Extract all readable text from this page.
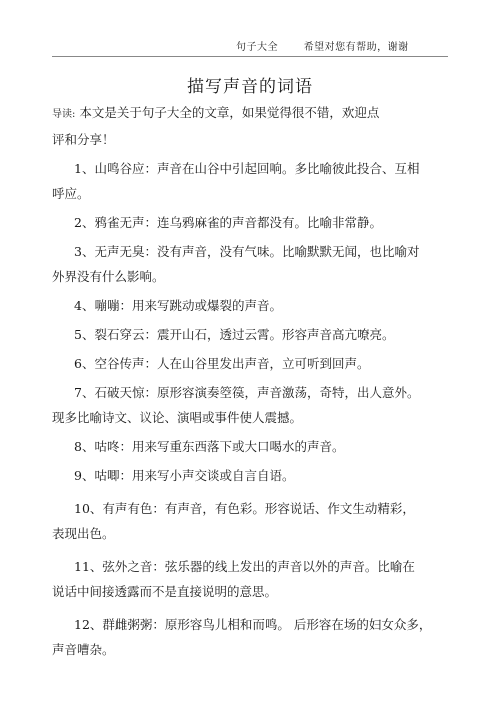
句子大全	希望对您有帮助，谢谢
描写声音的词语

导读: 本文是关于句子大全的文章，如果觉得很不错，欢迎点
评和分享！

1、山鸣谷应：声音在山谷中引起回响。多比喻彼此投合、互相
呼应。

2、鸦雀无声：连乌鸦麻雀的声音都没有。比喻非常静。

3、无声无臭：没有声音，没有气味。比喻默默无闻，也比喻对
外界没有什么影响。

4、嘣嘣：用来写跳动或爆裂的声音。

5、裂石穿云：震开山石，透过云霄。形容声音高亢嘹亮。

6、空谷传声：人在山谷里发出声音，立可听到回声。

7、石破天惊：原形容演奏箜篌，声音激荡，奇特，出人意外。
现多比喻诗文、议论、演唱或事件使人震撼。

8、咕咚：用来写重东西落下或大口喝水的声音。

9、咕唧：用来写小声交谈或自言自语。

10、有声有色：有声音，有色彩。形容说话、作文生动精彩，
表现出色。

11、弦外之音：弦乐器的线上发出的声音以外的声音。比喻在
说话中间接透露而不是直接说明的意思。

12、群雌粥粥：原形容鸟儿相和而鸣。 后形容在场的妇女众多，
声音嘈杂。
